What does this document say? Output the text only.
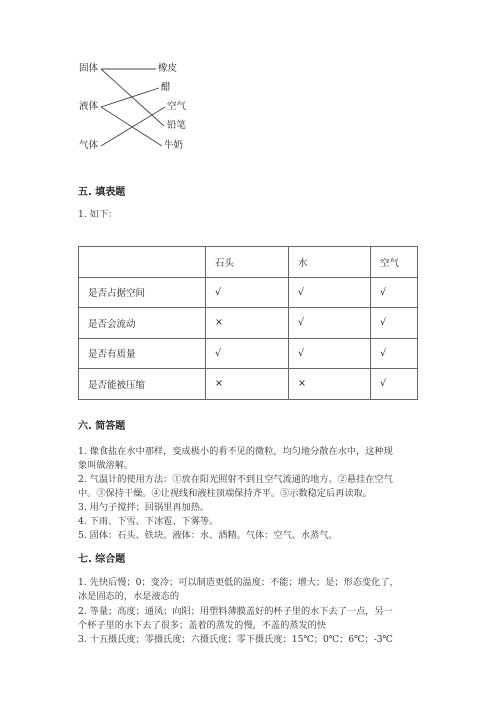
固体
液体
气体
橡皮
醋
空气
铅笔
牛奶
五. 填表题
1. 如下：
	石头	水	空气
是否占据空间	√	√	√
是否会流动	×	√	√
是否有质量	√	√	√
是否能被压缩	×	×	√
六. 简答题
1. 像食盐在水中那样，变成极小的看不见的微粒，均匀地分散在水中，这种现
象叫做溶解。
2. 气温计的使用方法：①放在阳光照射不到且空气流通的地方。②悬挂在空气
中。③保持干燥。④让视线和液柱顶端保持齐平。⑤示数稳定后再读取。
3. 用勺子搅拌；回锅里再加热。
4. 下雨、下雪、下冰雹、下雾等。
5. 固体：石头、铁块。液体：水、酒精。气体：空气、水蒸气。
七. 综合题
1. 先快后慢；0；变冷；可以制造更低的温度；不能；增大；是；形态变化了，
冰是固态的，水是液态的
2. 等量；高度；通风；向阳；用塑料薄膜盖好的杯子里的水下去了一点，另一
个杯子里的水下去了很多；盖着的蒸发的慢，不盖的蒸发的快
3. 十五摄氏度；零摄氏度；六摄氏度；零下摄氏度；15℃；0℃；6℃；-3℃
